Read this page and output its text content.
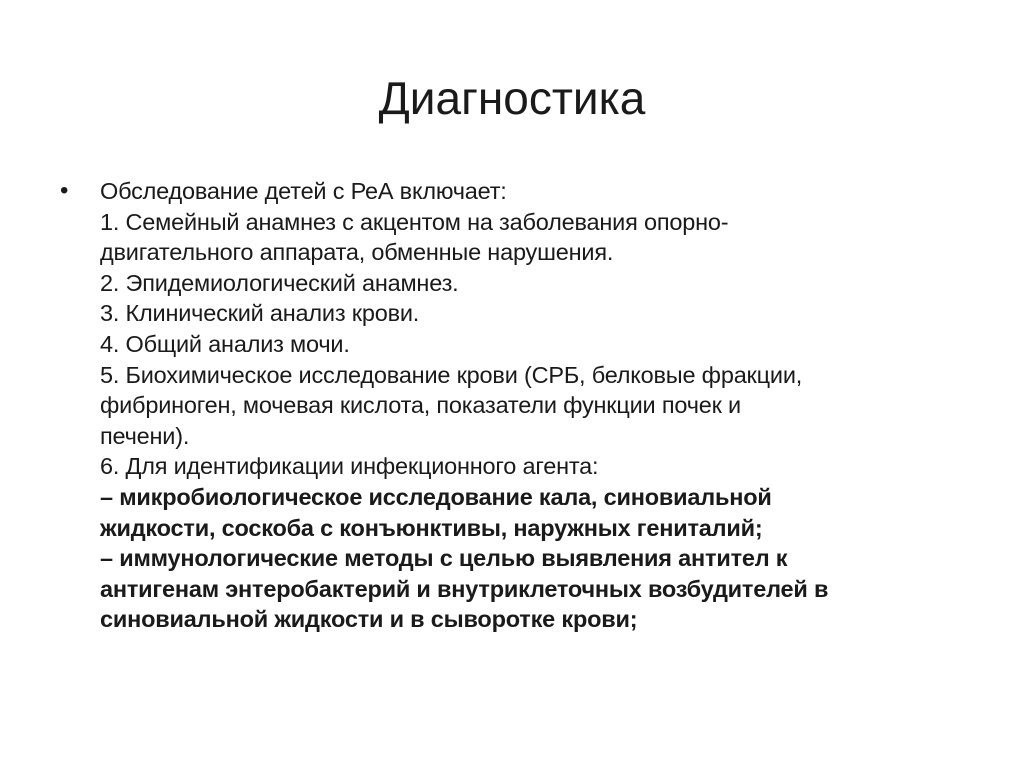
Диагностика
• Обследование детей с РеА включает:
1. Семейный анамнез с акцентом на заболевания опорно-
двигательного аппарата, обменные нарушения.
2. Эпидемиологический анамнез.
3. Клинический анализ крови.
4. Общий анализ мочи.
5. Биохимическое исследование крови (СРБ, белковые фракции,
фибриноген, мочевая кислота, показатели функции почек и
печени).
6. Для идентификации инфекционного агента:
– микробиологическое исследование кала, синовиальной
жидкости, соскоба с конъюнктивы, наружных гениталий;
– иммунологические методы с целью выявления антител к
антигенам энтеробактерий и внутриклеточных возбудителей в
синовиальной жидкости и в сыворотке крови;
